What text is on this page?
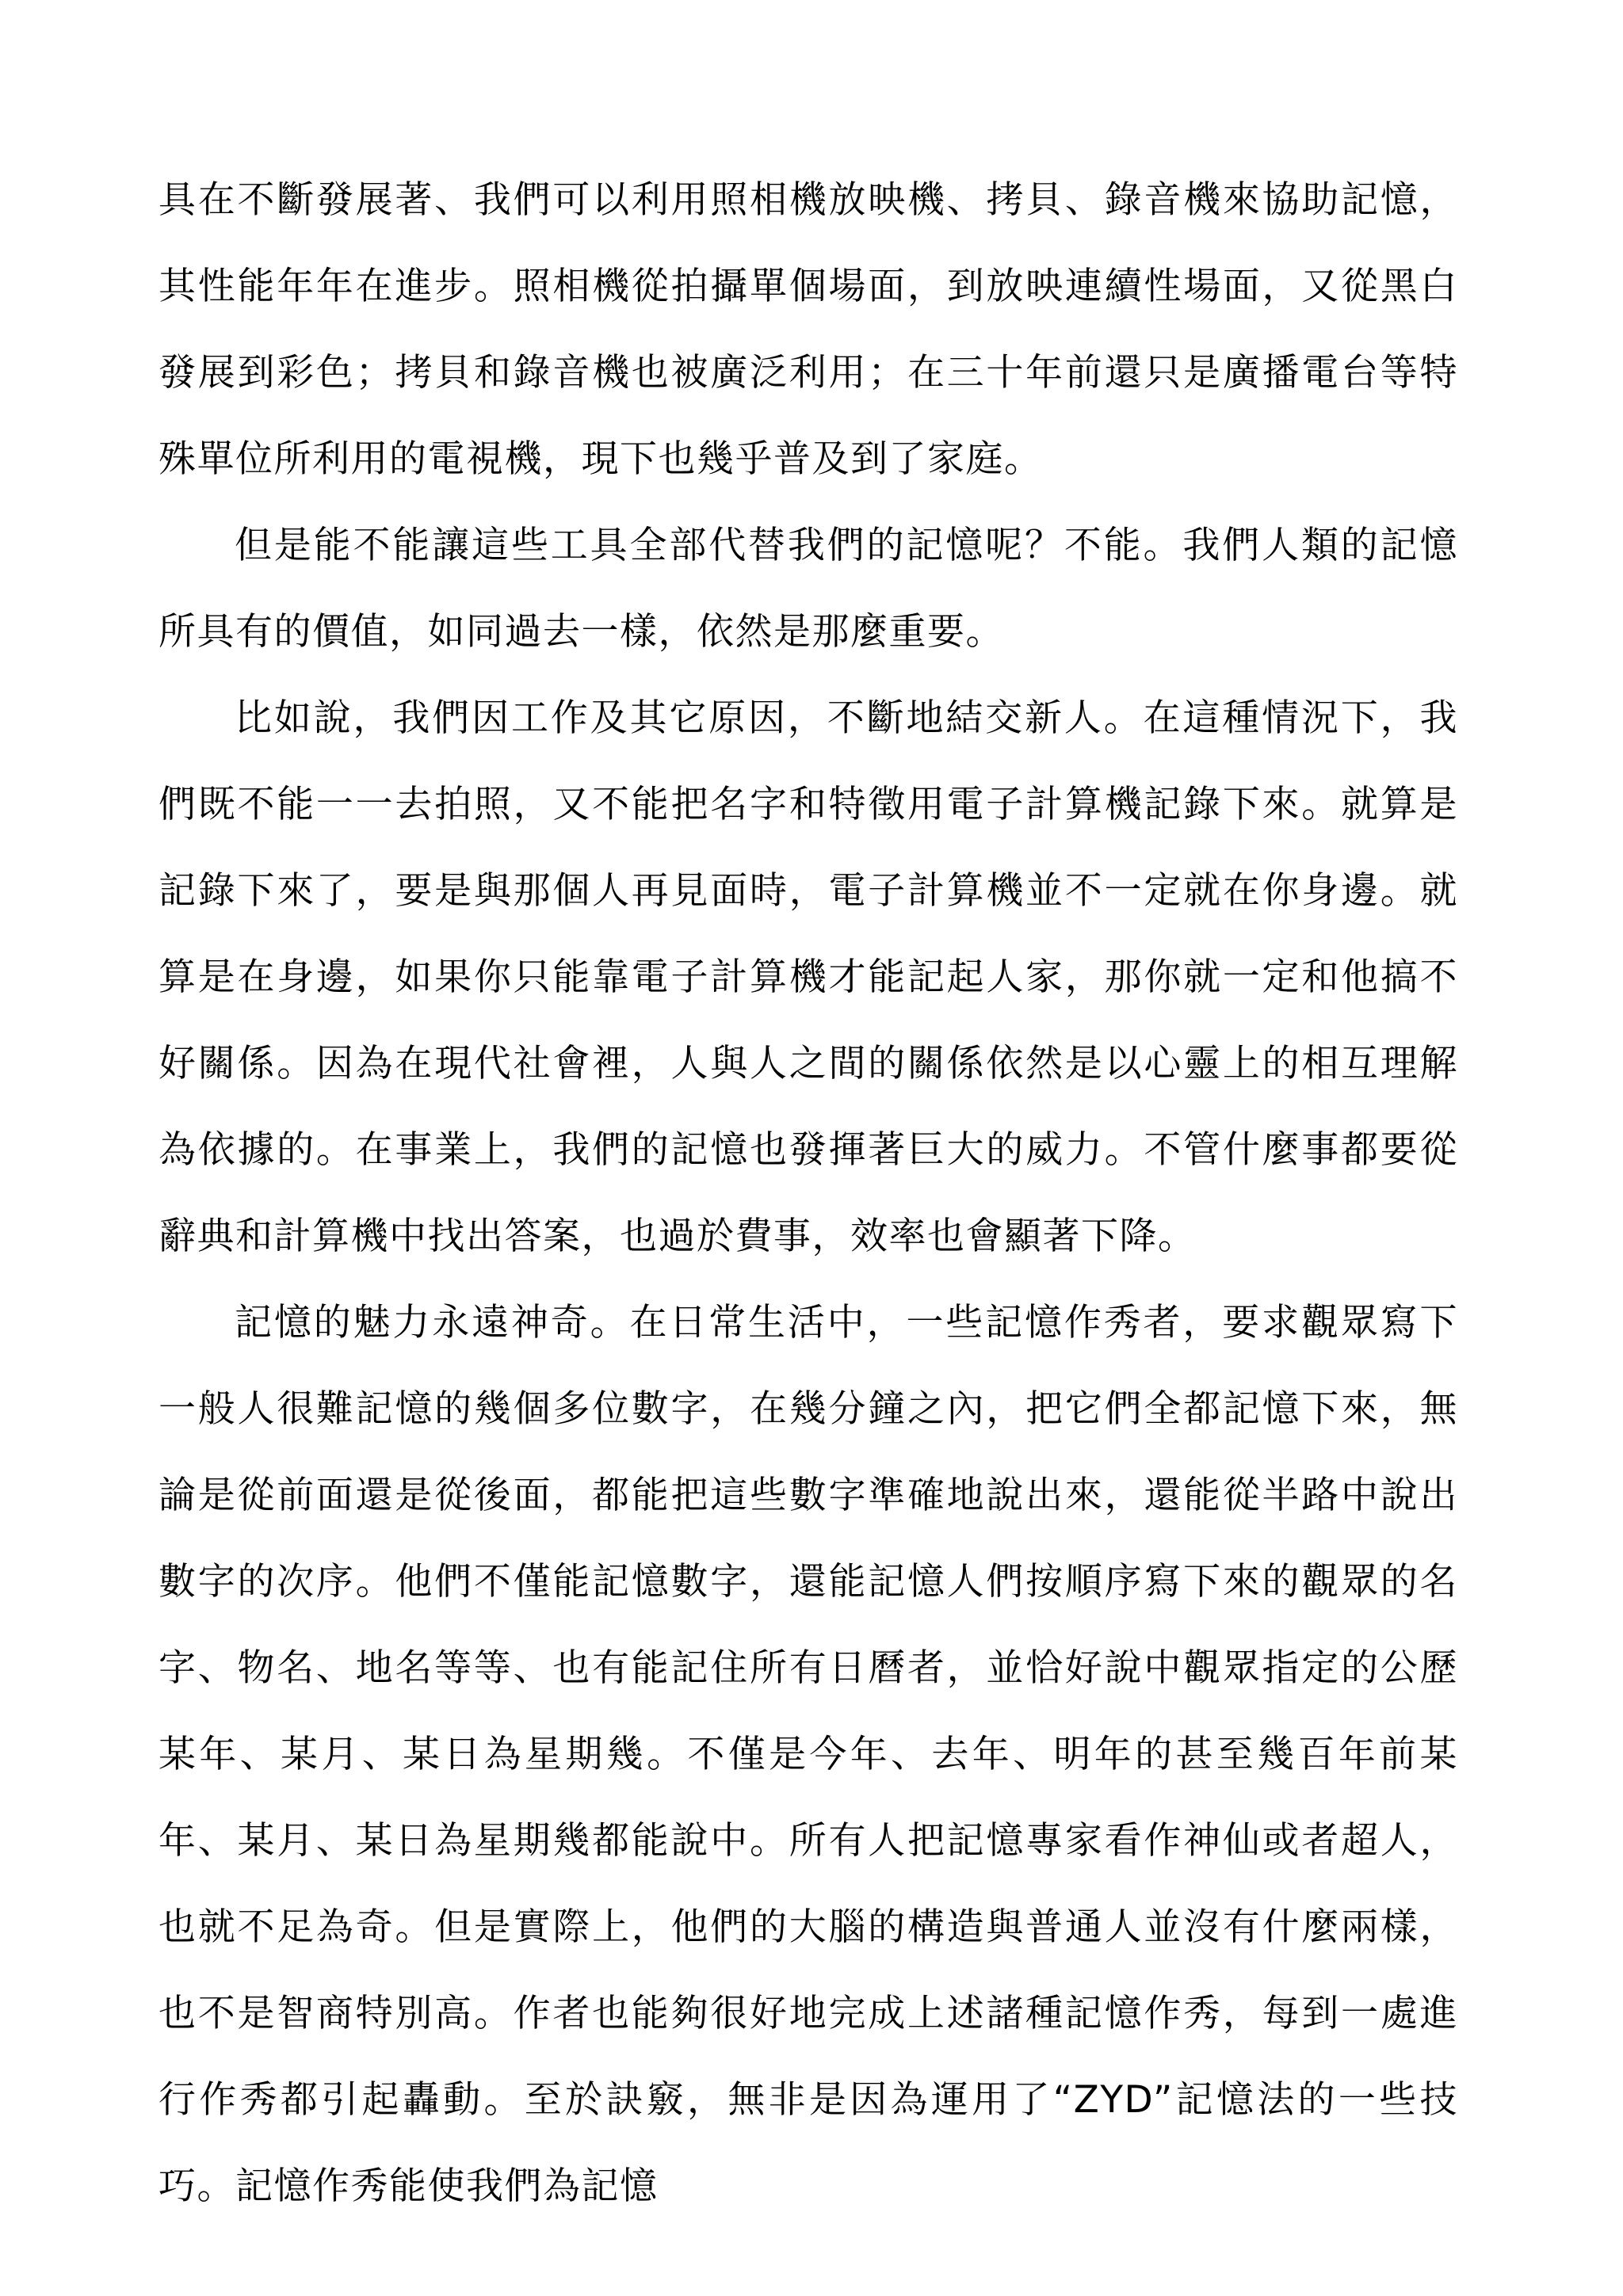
具在不斷發展著、我們可以利用照相機放映機、拷貝、錄音機來協助記憶，其性能年年在進步。照相機從拍攝單個場面，到放映連續性場面，又從黑白發展到彩色；拷貝和錄音機也被廣泛利用；在三十年前還只是廣播電台等特殊單位所利用的電視機，現下也幾乎普及到了家庭。

但是能不能讓這些工具全部代替我們的記憶呢？不能。我們人類的記憶所具有的價值，如同過去一樣，依然是那麼重要。

比如說，我們因工作及其它原因，不斷地結交新人。在這種情況下，我們既不能一一去拍照，又不能把名字和特徵用電子計算機記錄下來。就算是記錄下來了，要是與那個人再見面時，電子計算機並不一定就在你身邊。就算是在身邊，如果你只能靠電子計算機才能記起人家，那你就一定和他搞不好關係。因為在現代社會裡，人與人之間的關係依然是以心靈上的相互理解為依據的。在事業上，我們的記憶也發揮著巨大的威力。不管什麼事都要從辭典和計算機中找出答案，也過於費事，效率也會顯著下降。

記憶的魅力永遠神奇。在日常生活中，一些記憶作秀者，要求觀眾寫下一般人很難記憶的幾個多位數字，在幾分鐘之內，把它們全都記憶下來，無論是從前面還是從後面，都能把這些數字準確地說出來，還能從半路中說出數字的次序。他們不僅能記憶數字，還能記憶人們按順序寫下來的觀眾的名字、物名、地名等等、也有能記住所有日曆者，並恰好說中觀眾指定的公歷某年、某月、某日為星期幾。不僅是今年、去年、明年的甚至幾百年前某年、某月、某日為星期幾都能說中。所有人把記憶專家看作神仙或者超人，也就不足為奇。但是實際上，他們的大腦的構造與普通人並沒有什麼兩樣，也不是智商特別高。作者也能夠很好地完成上述諸種記憶作秀，每到一處進行作秀都引起轟動。至於訣竅，無非是因為運用了“ZYD”記憶法的一些技巧。記憶作秀能使我們為記憶
